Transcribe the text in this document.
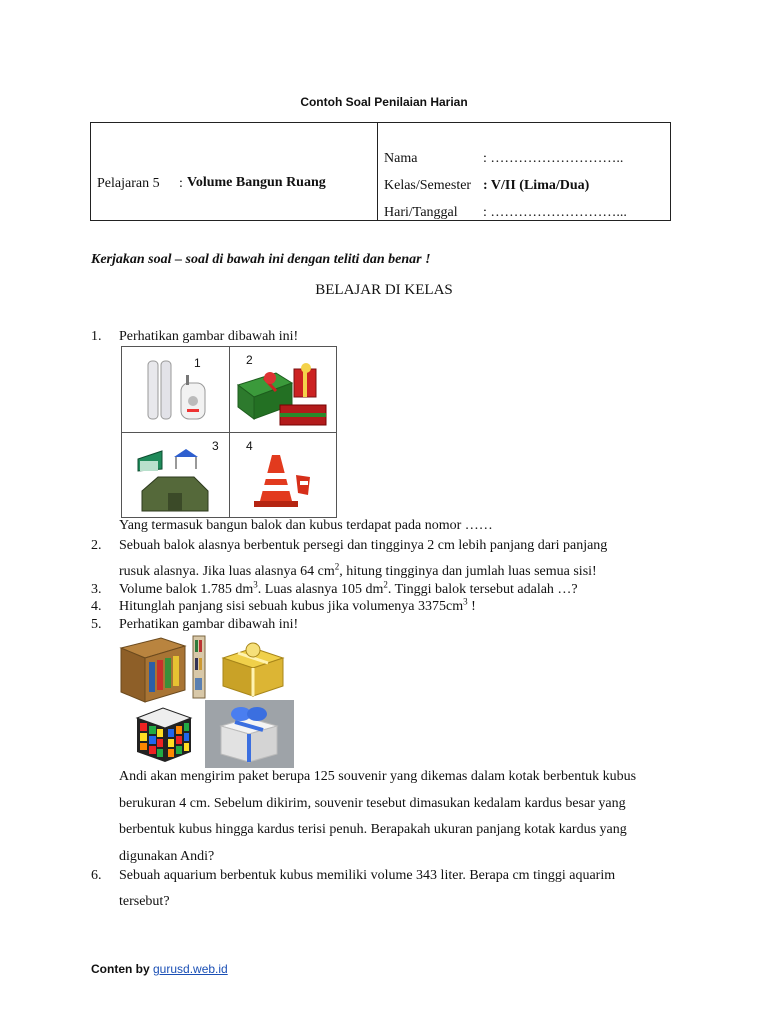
Contoh Soal Penilaian Harian
Pelajaran 5 : Volume Bangun Ruang
Nama	: ………………………..
Kelas/Semester : V/II (Lima/Dua)
Hari/Tanggal : ………………………...
Kerjakan soal – soal di bawah ini dengan teliti dan benar !
BELAJAR DI KELAS
1. Perhatikan gambar dibawah ini!
1	2
3 4
Yang termasuk bangun balok dan kubus terdapat pada nomor ……
2. Sebuah balok alasnya berbentuk persegi dan tingginya 2 cm lebih panjang dari panjang
rusuk alasnya. Jika luas alasnya 64 $cm^2$, hitung tingginya dan jumlah luas semua sisi!
3. Volume balok 1.785 $dm^3$. Luas alasnya 105 $dm^2$. Tinggi balok tersebut adalah …?
4. Hitunglah panjang sisi sebuah kubus jika volumenya $3375cm^3$ !
5. Perhatikan gambar dibawah ini!
Andi akan mengirim paket berupa 125 souvenir yang dikemas dalam kotak berbentuk kubus
berukuran 4 cm. Sebelum dikirim, souvenir tesebut dimasukan kedalam kardus besar yang
berbentuk kubus hingga kardus terisi penuh. Berapakah ukuran panjang kotak kardus yang
digunakan Andi?
6. Sebuah aquarium berbentuk kubus memiliki volume 343 liter. Berapa cm tinggi aquarim
tersebut?
Conten by gurusd.web.id
